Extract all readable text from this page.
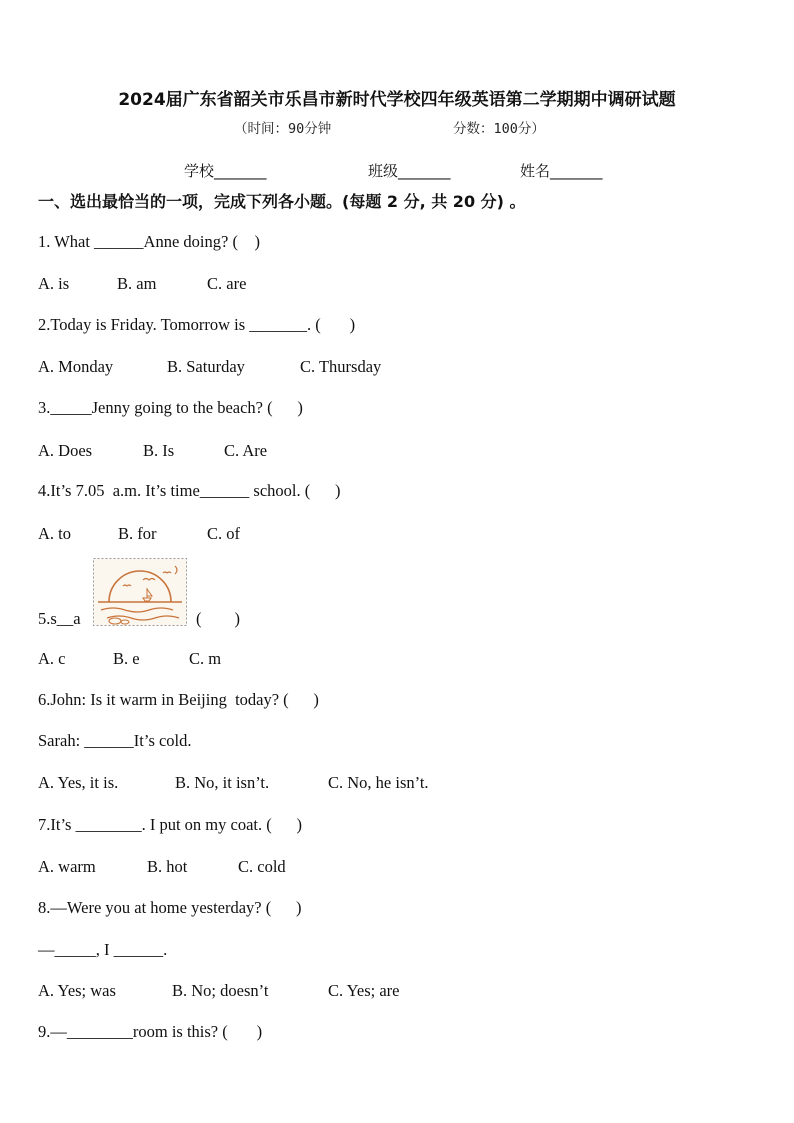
2024届广东省韶关市乐昌市新时代学校四年级英语第二学期期中调研试题
（时间：90分钟	分数：100分）
学校_______	班级_______	姓名_______
一、选出最恰当的一项，完成下列各小题。(每题 2 分, 共 20 分) 。
1. What ______Anne doing? (    )
A. is	B. am	C. are
2.Today is Friday. Tomorrow is _______. (       )
A. Monday	B. Saturday	C. Thursday
3._____Jenny going to the beach? (      )
A. Does	B. Is	C. Are
4.It’s 7.05  a.m. It’s time______ school. (      )
A. to	B. for	C. of
5.s__a	(        )
A. c	B. e	C. m
6.John: Is it warm in Beijing  today? (      )
Sarah: ______It’s cold.
A. Yes, it is.	B. No, it isn’t.	C. No, he isn’t.
7.It’s ________. I put on my coat. (      )
A. warm	B. hot	C. cold
8.—Were you at home yesterday? (      )
—_____, I ______.
A. Yes; was	B. No; doesn’t	C. Yes; are
9.—________room is this? (       )
